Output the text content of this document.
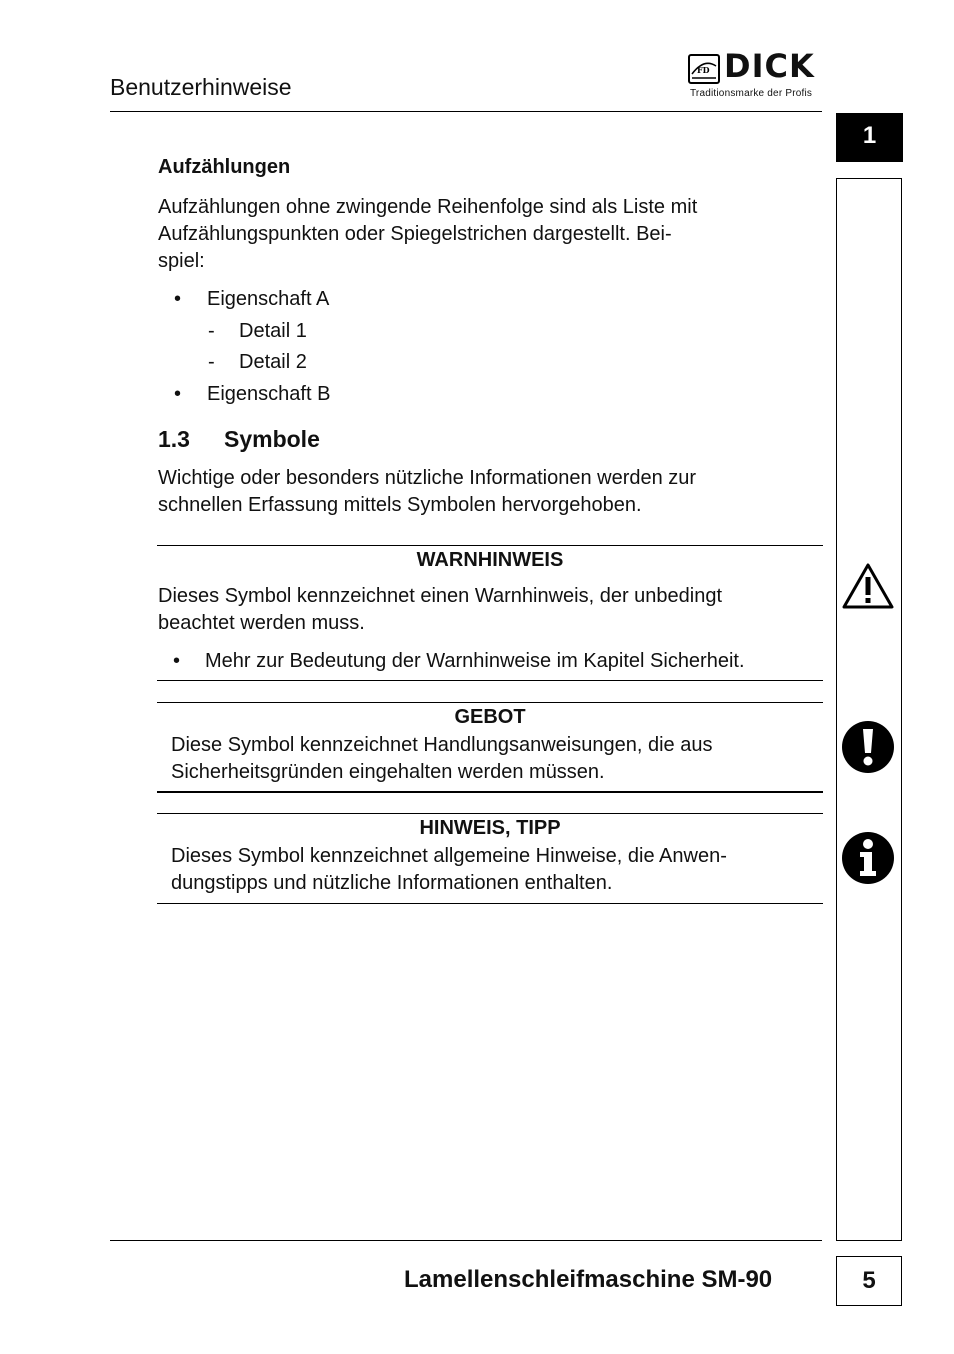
Benutzerhinweise
FD DICK
Traditionsmarke der Profis
1
Aufzählungen
Aufzählungen ohne zwingende Reihenfolge sind als Liste mit
Aufzählungspunkten oder Spiegelstrichen dargestellt. Bei-
spiel:
• Eigenschaft A
- Detail 1
- Detail 2
• Eigenschaft B
1.3 Symbole
Wichtige oder besonders nützliche Informationen werden zur
schnellen Erfassung mittels Symbolen hervorgehoben.
WARNHINWEIS
Dieses Symbol kennzeichnet einen Warnhinweis, der unbedingt
beachtet werden muss.
• Mehr zur Bedeutung der Warnhinweise im Kapitel Sicherheit.
GEBOT
Diese Symbol kennzeichnet Handlungsanweisungen, die aus
Sicherheitsgründen eingehalten werden müssen.
HINWEIS, TIPP
Dieses Symbol kennzeichnet allgemeine Hinweise, die Anwen-
dungstipps und nützliche Informationen enthalten.
Lamellenschleifmaschine SM-90	5
